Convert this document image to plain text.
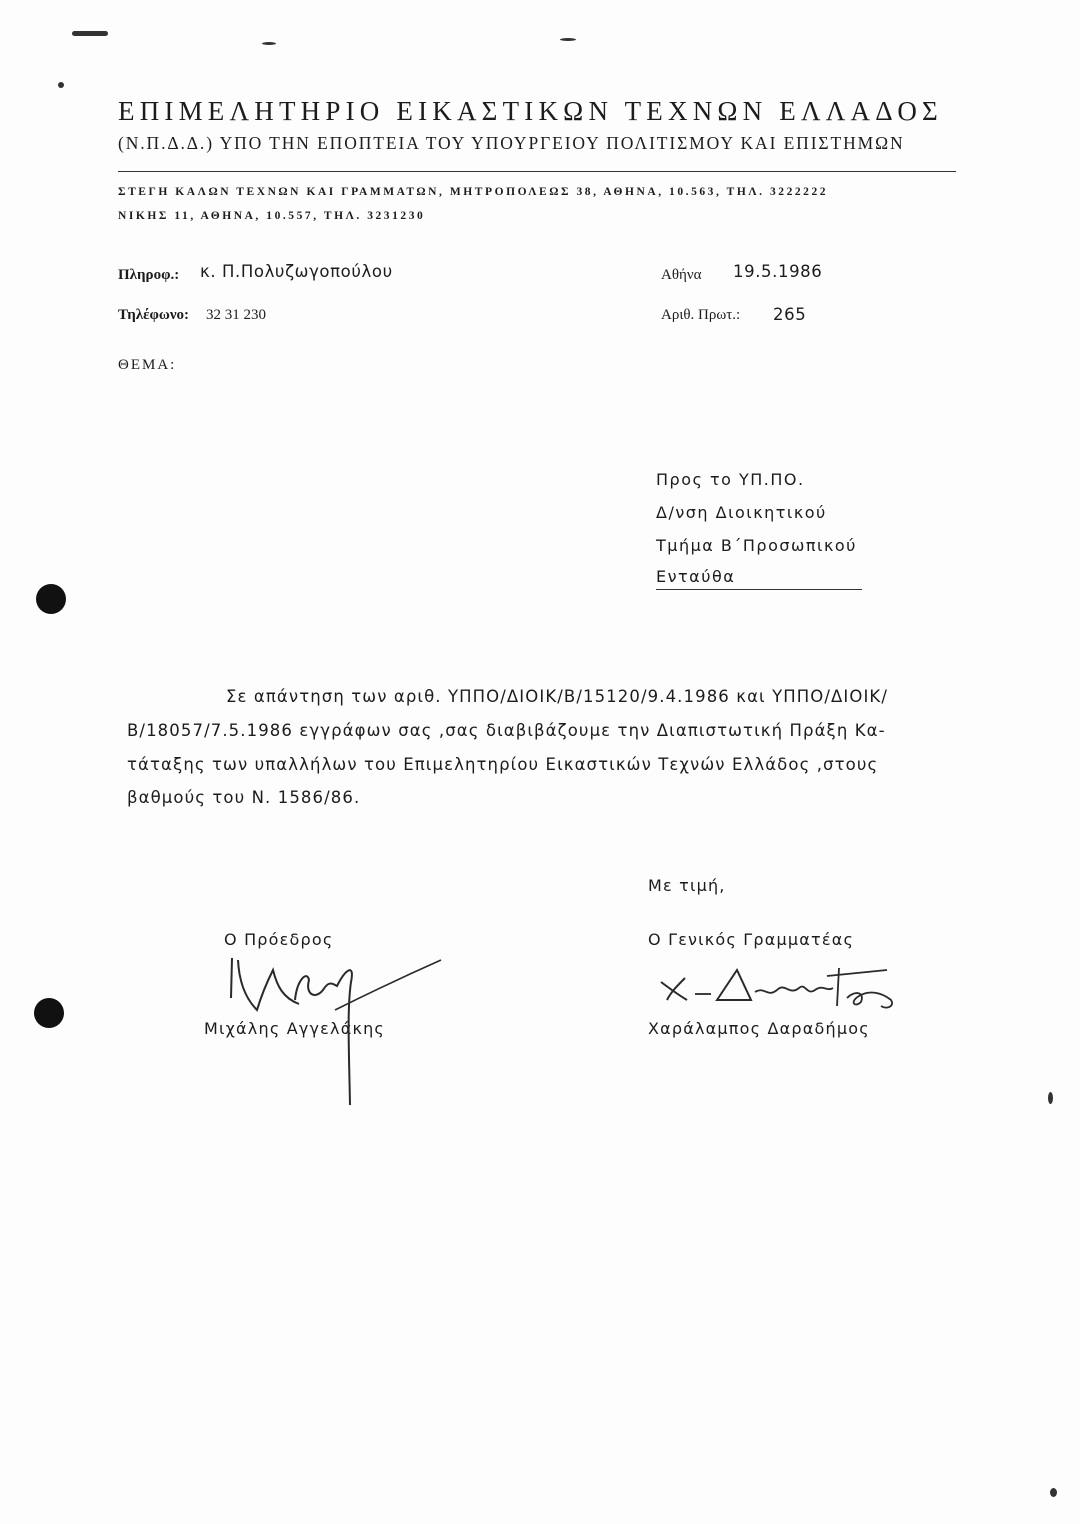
ΕΠΙΜΕΛΗΤΗΡΙΟ ΕΙΚΑΣΤΙΚΩΝ ΤΕΧΝΩΝ ΕΛΛΑΔΟΣ
(Ν.Π.Δ.Δ.) ΥΠΟ ΤΗΝ ΕΠΟΠΤΕΙΑ ΤΟΥ ΥΠΟΥΡΓΕΙΟΥ ΠΟΛΙΤΙΣΜΟΥ ΚΑΙ ΕΠΙΣΤΗΜΩΝ
ΣΤΕΓΗ ΚΑΛΩΝ ΤΕΧΝΩΝ ΚΑΙ ΓΡΑΜΜΑΤΩΝ, ΜΗΤΡΟΠΟΛΕΩΣ 38, ΑΘΗΝΑ, 10.563, ΤΗΛ. 3222222
ΝΙΚΗΣ 11, ΑΘΗΝΑ, 10.557, ΤΗΛ. 3231230
Πληροφ.: κ. Π.Πολυζωγοπούλου	Αθήνα 19.5.1986
Τηλέφωνο: 32 31 230	Αριθ. Πρωτ.: 265
ΘΕΜΑ:
Προς το ΥΠ.ΠΟ.
Δ/νση Διοικητικού
Τμήμα Β΄Προσωπικού
Ενταύθα
Σε απάντηση των αριθ. ΥΠΠΟ/ΔΙΟΙΚ/Β/15120/9.4.1986 και ΥΠΠΟ/ΔΙΟΙΚ/
Β/18057/7.5.1986 εγγράφων σας ,σας διαβιβάζουμε την Διαπιστωτική Πράξη Κα-
τάταξης των υπαλλήλων του Επιμελητηρίου Εικαστικών Τεχνών Ελλάδος ,στους
βαθμούς του Ν. 1586/86.
Με τιμή,
Ο Πρόεδρος
Μιχάλης Αγγελάκης
Ο Γενικός Γραμματέας
Χαράλαμπος Δαραδήμος
